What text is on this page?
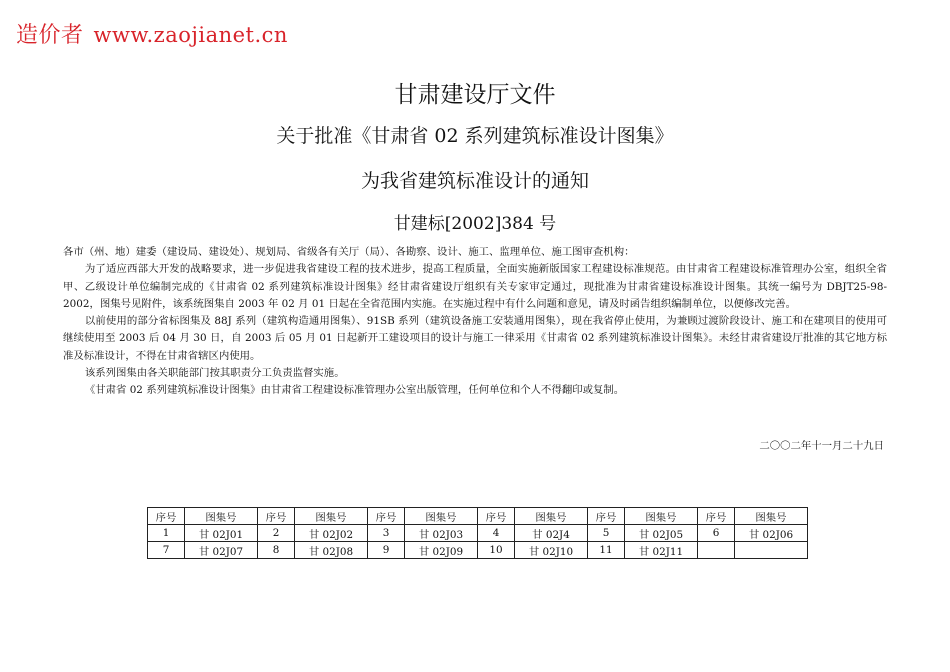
造价者 www.zaojianet.cn
甘肃建设厅文件
关于批准《甘肃省 02 系列建筑标准设计图集》
为我省建筑标准设计的通知
甘建标[2002]384 号

各市（州、地）建委（建设局、建设处）、规划局、省级各有关厅（局）、各勘察、设计、施工、监理单位、施工图审查机构：

为了适应西部大开发的战略要求，进一步促进我省建设工程的技术进步，提高工程质量，全面实施新版国家工程建设标准规范。由甘肃省工程建设标准管理办公室，组织全省甲、乙级设计单位编制完成的《甘肃省 02 系列建筑标准设计图集》经甘肃省建设厅组织有关专家审定通过，现批准为甘肃省建设标准设计图集。其统一编号为 DBJT25-98-2002，图集号见附件，该系统图集自 2003 年 02 月 01 日起在全省范围内实施。在实施过程中有什么问题和意见，请及时函告组织编制单位，以便修改完善。

以前使用的部分省标图集及 88J 系列（建筑构造通用图集）、91SB 系列（建筑设备施工安装通用图集），现在我省停止使用，为兼顾过渡阶段设计、施工和在建项目的使用可继续使用至 2003 后 04 月 30 日，自 2003 后 05 月 01 日起新开工建设项目的设计与施工一律采用《甘肃省 02 系列建筑标准设计图集》。未经甘肃省建设厅批准的其它地方标准及标准设计，不得在甘肃省辖区内使用。

该系列图集由各关职能部门按其职责分工负责监督实施。

《甘肃省 02 系列建筑标准设计图集》由甘肃省工程建设标准管理办公室出版管理，任何单位和个人不得翻印或复制。

二〇〇二年十一月二十九日
序号	图集号	序号	图集号	序号	图集号	序号	图集号	序号	图集号	序号	图集号
1	甘 02J01	2	甘 02J02	3	甘 02J03	4	甘 02J4	5	甘 02J05	6	甘 02J06
7	甘 02J07	8	甘 02J08	9	甘 02J09	10	甘 02J10	11	甘 02J11		
